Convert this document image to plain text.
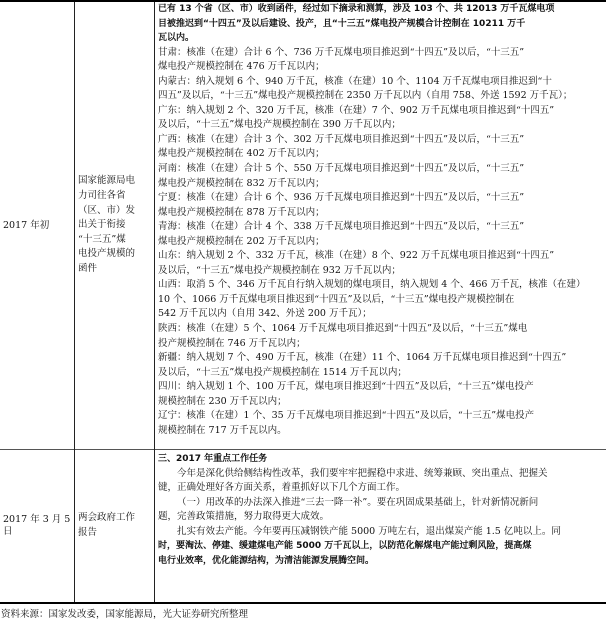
2017 年初
国家能源局电
力司往各省
（区、市）发
出关于衔接
“十三五”煤
电投产规模的
函件
已有 13 个省（区、市）收到函件，经过如下摘录和测算，涉及 103 个、共 12013 万千瓦煤电项
目被推迟到“十四五”及以后建设、投产，且“十三五”煤电投产规模合计控制在 10211 万千
瓦以内。
甘肃：核准（在建）合计 6 个、736 万千瓦煤电项目推迟到“十四五”及以后，“十三五”
煤电投产规模控制在 476 万千瓦以内；
内蒙古：纳入规划 6 个、940 万千瓦，核准（在建）10 个、1104 万千瓦煤电项目推迟到“十
四五”及以后，“十三五”煤电投产规模控制在 2350 万千瓦以内（自用 758、外送 1592 万千瓦）；
广东：纳入规划 2 个、320 万千瓦，核准（在建）7 个、902 万千瓦煤电项目推迟到“十四五”
及以后，“十三五”煤电投产规模控制在 390 万千瓦以内；
广西：核准（在建）合计 3 个、302 万千瓦煤电项目推迟到“十四五”及以后，“十三五”
煤电投产规模控制在 402 万千瓦以内；
河南：核准（在建）合计 5 个、550 万千瓦煤电项目推迟到“十四五”及以后，“十三五”
煤电投产规模控制在 832 万千瓦以内；
宁夏：核准（在建）合计 6 个、936 万千瓦煤电项目推迟到“十四五”及以后，“十三五”
煤电投产规模控制在 878 万千瓦以内；
青海：核准（在建）合计 4 个、338 万千瓦煤电项目推迟到“十四五”及以后，“十三五”
煤电投产规模控制在 202 万千瓦以内；
山东：纳入规划 2 个、332 万千瓦，核准（在建）8 个、922 万千瓦煤电项目推迟到“十四五”
及以后，“十三五”煤电投产规模控制在 932 万千瓦以内；
山西：取消 5 个、346 万千瓦自行纳入规划的煤电项目，纳入规划 4 个、466 万千瓦，核准（在建）
10 个、1066 万千瓦煤电项目推迟到“十四五”及以后，“十三五”煤电投产规模控制在
542 万千瓦以内（自用 342、外送 200 万千瓦）；
陕西：核准（在建）5 个、1064 万千瓦煤电项目推迟到“十四五”及以后，“十三五”煤电
投产规模控制在 746 万千瓦以内；
新疆：纳入规划 7 个、490 万千瓦，核准（在建）11 个、1064 万千瓦煤电项目推迟到“十四五”
及以后，“十三五”煤电投产规模控制在 1514 万千瓦以内；
四川：纳入规划 1 个、100 万千瓦，煤电项目推迟到“十四五”及以后，“十三五”煤电投产
规模控制在 230 万千瓦以内；
辽宁：核准（在建）1 个、35 万千瓦煤电项目推迟到“十四五”及以后，“十三五”煤电投产
规模控制在 717 万千瓦以内。
2017 年 3 月 5 日
两会政府工作
报告
三、2017 年重点工作任务
今年是深化供给侧结构性改革，我们要牢牢把握稳中求进、统筹兼顾、突出重点、把握关
键，正确处理好各方面关系，着重抓好以下几个方面工作。
（一）用改革的办法深入推进“三去一降一补”。要在巩固成果基础上，针对新情况新问
题，完善政策措施，努力取得更大成效。
扎实有效去产能。今年要再压减钢铁产能 5000 万吨左右，退出煤炭产能 1.5 亿吨以上。同
时，要淘汰、停建、缓建煤电产能 5000 万千瓦以上，以防范化解煤电产能过剩风险，提高煤
电行业效率，优化能源结构，为清洁能源发展腾空间。
资料来源：国家发改委，国家能源局，光大证券研究所整理
